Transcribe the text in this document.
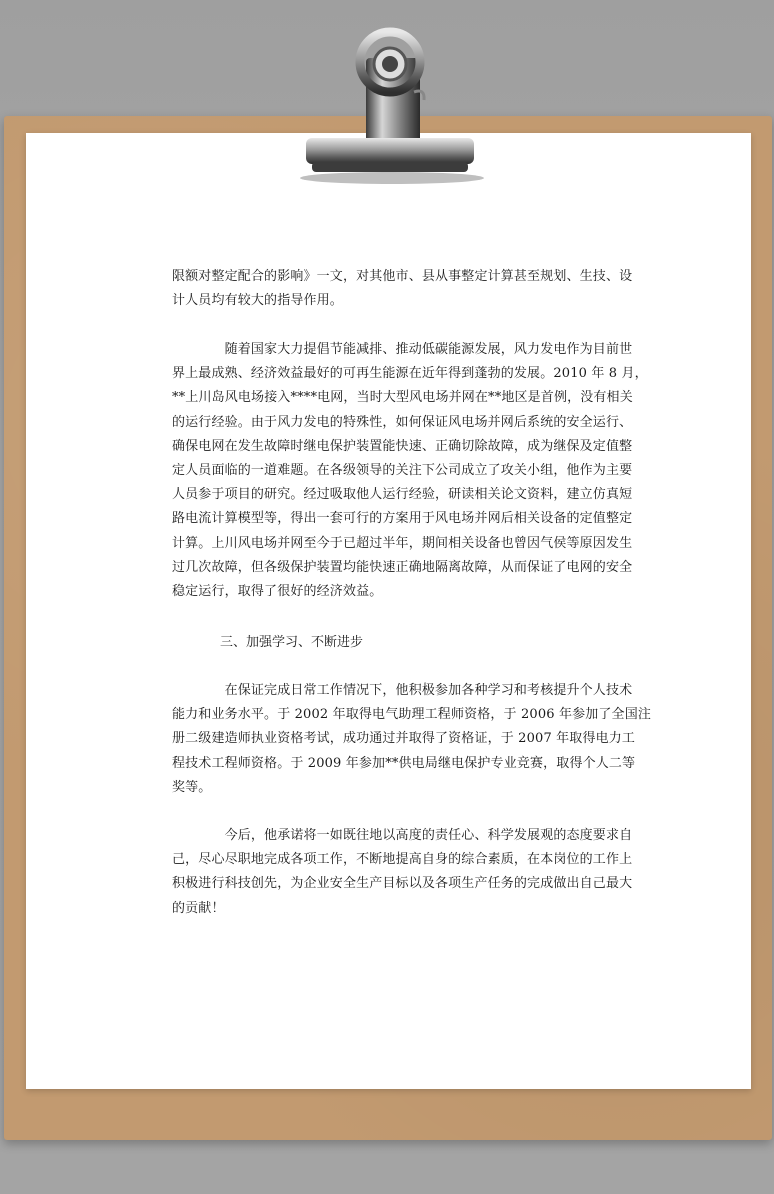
限额对整定配合的影响》一文，对其他市、县从事整定计算甚至规划、生技、设
计人员均有较大的指导作用。
　　　　随着国家大力提倡节能减排、推动低碳能源发展，风力发电作为目前世
界上最成熟、经济效益最好的可再生能源在近年得到蓬勃的发展。2010 年 8 月，
**上川岛风电场接入****电网，当时大型风电场并网在**地区是首例，没有相关
的运行经验。由于风力发电的特殊性，如何保证风电场并网后系统的安全运行、
确保电网在发生故障时继电保护装置能快速、正确切除故障，成为继保及定值整
定人员面临的一道难题。在各级领导的关注下公司成立了攻关小组，他作为主要
人员参于项目的研究。经过吸取他人运行经验，研读相关论文资料，建立仿真短
路电流计算模型等，得出一套可行的方案用于风电场并网后相关设备的定值整定
计算。上川风电场并网至今于已超过半年，期间相关设备也曾因气侯等原因发生
过几次故障，但各级保护装置均能快速正确地隔离故障，从而保证了电网的安全
稳定运行，取得了很好的经济效益。
三、加强学习、不断进步
　　　　在保证完成日常工作情况下，他积极参加各种学习和考核提升个人技术
能力和业务水平。于 2002 年取得电气助理工程师资格，于 2006 年参加了全国注
册二级建造师执业资格考试，成功通过并取得了资格证，于 2007 年取得电力工
程技术工程师资格。于 2009 年参加**供电局继电保护专业竞赛，取得个人二等
奖等。
　　　　今后，他承诺将一如既往地以高度的责任心、科学发展观的态度要求自
己，尽心尽职地完成各项工作，不断地提高自身的综合素质，在本岗位的工作上
积极进行科技创先，为企业安全生产目标以及各项生产任务的完成做出自己最大
的贡献！
